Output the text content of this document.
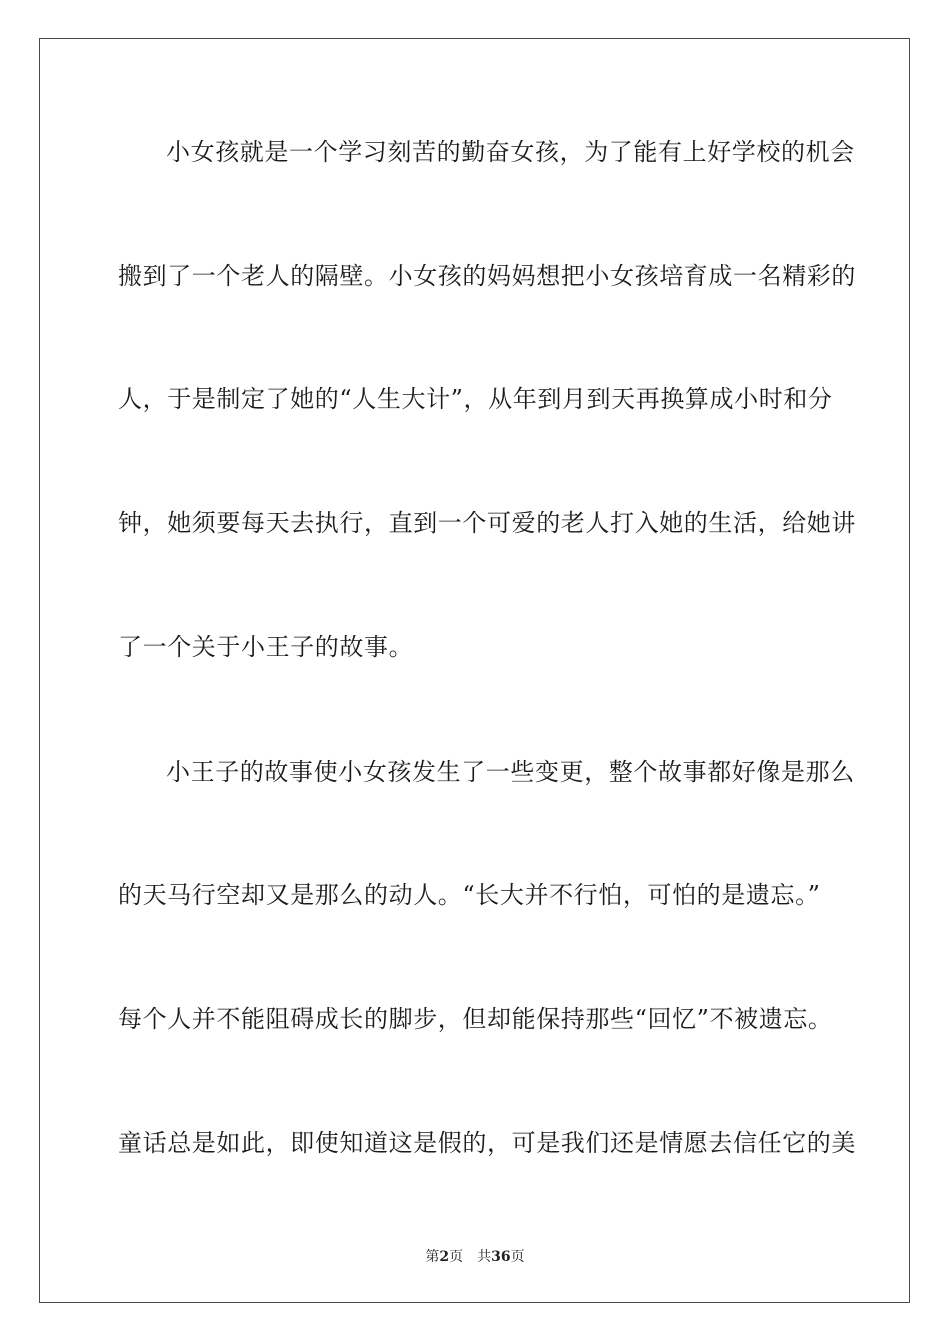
小女孩就是一个学习刻苦的勤奋女孩，为了能有上好学校的机会
搬到了一个老人的隔壁。小女孩的妈妈想把小女孩培育成一名精彩的
人，于是制定了她的“人生大计”，从年到月到天再换算成小时和分
钟，她须要每天去执行，直到一个可爱的老人打入她的生活，给她讲
了一个关于小王子的故事。
小王子的故事使小女孩发生了一些变更，整个故事都好像是那么
的天马行空却又是那么的动人。“长大并不行怕，可怕的是遗忘。”
每个人并不能阻碍成长的脚步，但却能保持那些“回忆”不被遗忘。
童话总是如此，即使知道这是假的，可是我们还是情愿去信任它的美
第2页 共36页
